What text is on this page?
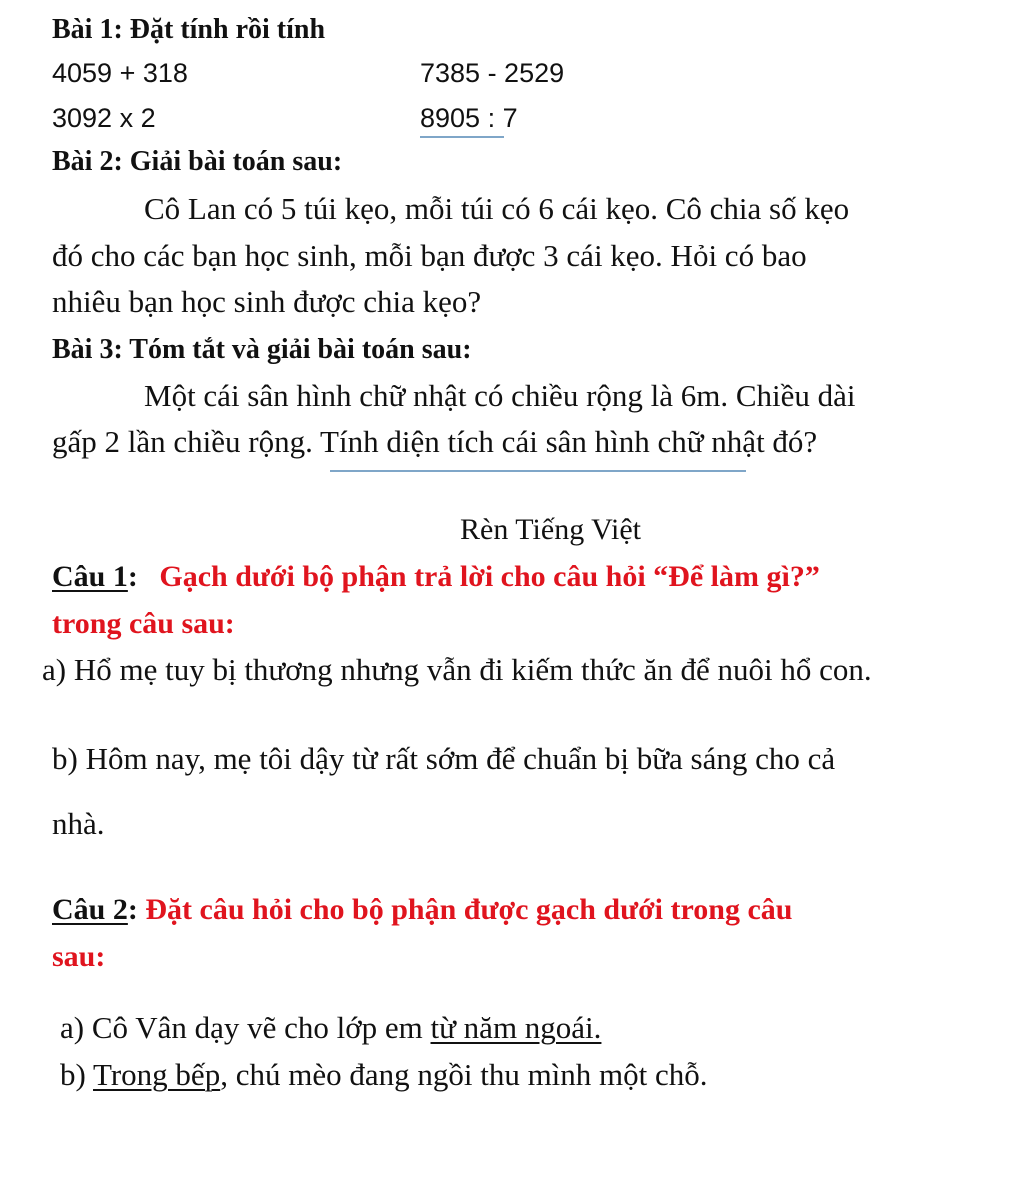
Bài 1: Đặt tính rồi tính
4059 + 318	7385 - 2529
3092 x 2	8905 : 7
Bài 2: Giải bài toán sau:
Cô Lan có 5 túi kẹo, mỗi túi có 6 cái kẹo. Cô chia số kẹo
đó cho các bạn học sinh, mỗi bạn được 3 cái kẹo. Hỏi có bao
nhiêu bạn học sinh được chia kẹo?
Bài 3: Tóm tắt và giải bài toán sau:
Một cái sân hình chữ nhật có chiều rộng là 6m. Chiều dài
gấp 2 lần chiều rộng. Tính diện tích cái sân hình chữ nhật đó?
Rèn Tiếng Việt
Câu 1: Gạch dưới bộ phận trả lời cho câu hỏi “Để làm gì?”
trong câu sau:
a) Hổ mẹ tuy bị thương nhưng vẫn đi kiếm thức ăn để nuôi hổ con.
b) Hôm nay, mẹ tôi dậy từ rất sớm để chuẩn bị bữa sáng cho cả
nhà.
Câu 2: Đặt câu hỏi cho bộ phận được gạch dưới trong câu
sau:
a) Cô Vân dạy vẽ cho lớp em từ năm ngoái.
b) Trong bếp, chú mèo đang ngồi thu mình một chỗ.
